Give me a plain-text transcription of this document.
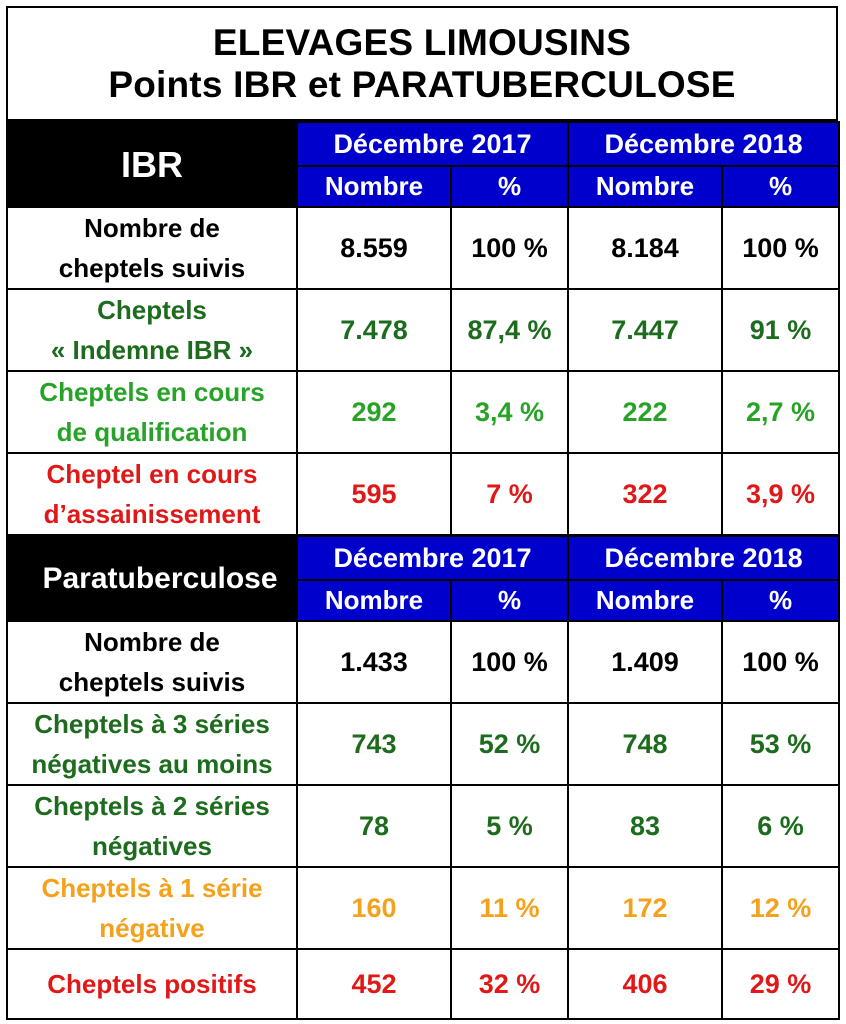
ELEVAGES LIMOUSINS
Points IBR et PARATUBERCULOSE
IBR	Décembre 2017		Décembre 2018	
	Nombre	%	Nombre	%
Nombre de
cheptels suivis	8.559	100 %	8.184	100 %
Cheptels
« Indemne IBR »	7.478	87,4 %	7.447	91 %
Cheptels en cours
de qualification	292	3,4 %	222	2,7 %
Cheptel en cours
d’assainissement	595	7 %	322	3,9 %
Paratuberculose	Décembre 2017		Décembre 2018	
	Nombre	%	Nombre	%
Nombre de
cheptels suivis	1.433	100 %	1.409	100 %
Cheptels à 3 séries
négatives au moins	743	52 %	748	53 %
Cheptels à 2 séries
négatives	78	5 %	83	6 %
Cheptels à 1 série
négative	160	11 %	172	12 %
Cheptels positifs	452	32 %	406	29 %
